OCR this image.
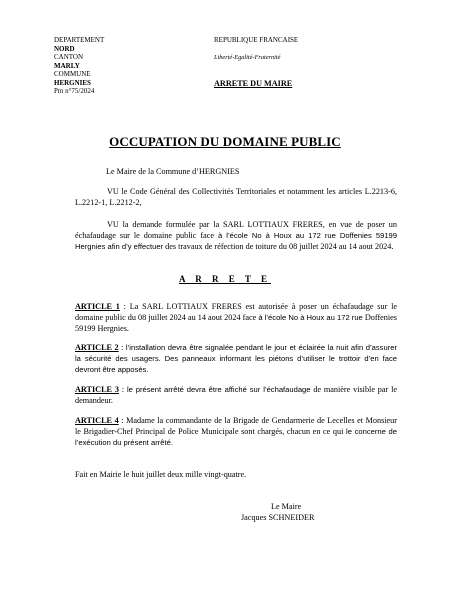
DEPARTEMENT
NORD
CANTON
MARLY
COMMUNE
HERGNIES
Pm n°75/2024
REPUBLIQUE FRANCAISE
Liberté-Egalité-Fraternité
ARRETE DU MAIRE
OCCUPATION DU DOMAINE PUBLIC
Le Maire de la Commune d’HERGNIES
VU le Code Général des Collectivités Territoriales et notamment les articles L.2213-6, L.2212-1, L.2212-2,
VU la demande formulée par la SARL LOTTIAUX FRERES, en vue de poser un échafaudage sur le domaine public face à l’école No à Houx au 172 rue Doffenies 59199 Hergnies afin d’y effectuer des travaux de réfection de toiture du 08 juillet 2024 au 14 aout 2024.
A R R E T E
ARTICLE 1 : La SARL LOTTIAUX FRERES est autorisée à poser un échafaudage sur le domaine public du 08 juillet 2024 au 14 aout 2024 face à l’école No à Houx au 172 rue Doffenies 59199 Hergnies.
ARTICLE 2 : l’installation devra être signalée pendant le jour et éclairée la nuit afin d’assurer la sécurité des usagers. Des panneaux informant les piétons d’utiliser le trottoir d’en face devront être apposés.
ARTICLE 3 : le présent arrêté devra être affiché sur l’échafaudage de manière visible par le demandeur.
ARTICLE 4 : Madame la commandante de la Brigade de Gendarmerie de Lecelles et Monsieur le Brigadier-Chef Principal de Police Municipale sont chargés, chacun en ce qui le concerne de l’exécution du présent arrêté.
Fait en Mairie le huit juillet deux mille vingt-quatre.
Le Maire
Jacques SCHNEIDER
